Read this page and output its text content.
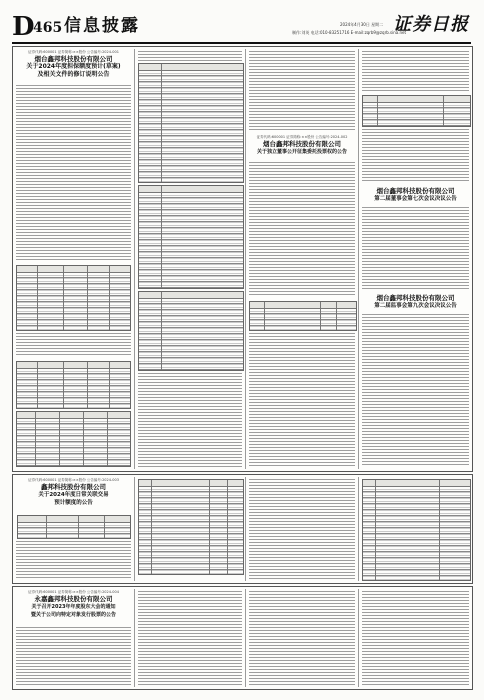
D
465 信息披露	2024年4月30日 星期二
制作:刘英 电话:010-83251716 E-mail:zqrb9@zqrb.sina.net
证券日报
证券代码:600001 证券简称:××股份 公告编号:2024-001
烟台鑫邦科技股份有限公司
关于2024年度担保额度预计(草案)
及相关文件的修订说明公告
证券代码:600001 证券简称:××股份 公告编号:2024-002
烟台鑫邦科技股份有限公司
关于独立董事公开征集委托投票权的公告
烟台鑫邦科技股份有限公司
第二届董事会第七次会议决议公告
烟台鑫邦科技股份有限公司
第二届监事会第九次会议决议公告
证券代码:600001 证券简称:××股份 公告编号:2024-003
鑫邦科技股份有限公司
关于2024年度日常关联交易
预计额度的公告
证券代码:600001 证券简称:××股份 公告编号:2024-004
永嘉鑫邦科技股份有限公司
关于召开2023年年度股东大会的通知
暨关于公司向特定对象发行股票的公告
